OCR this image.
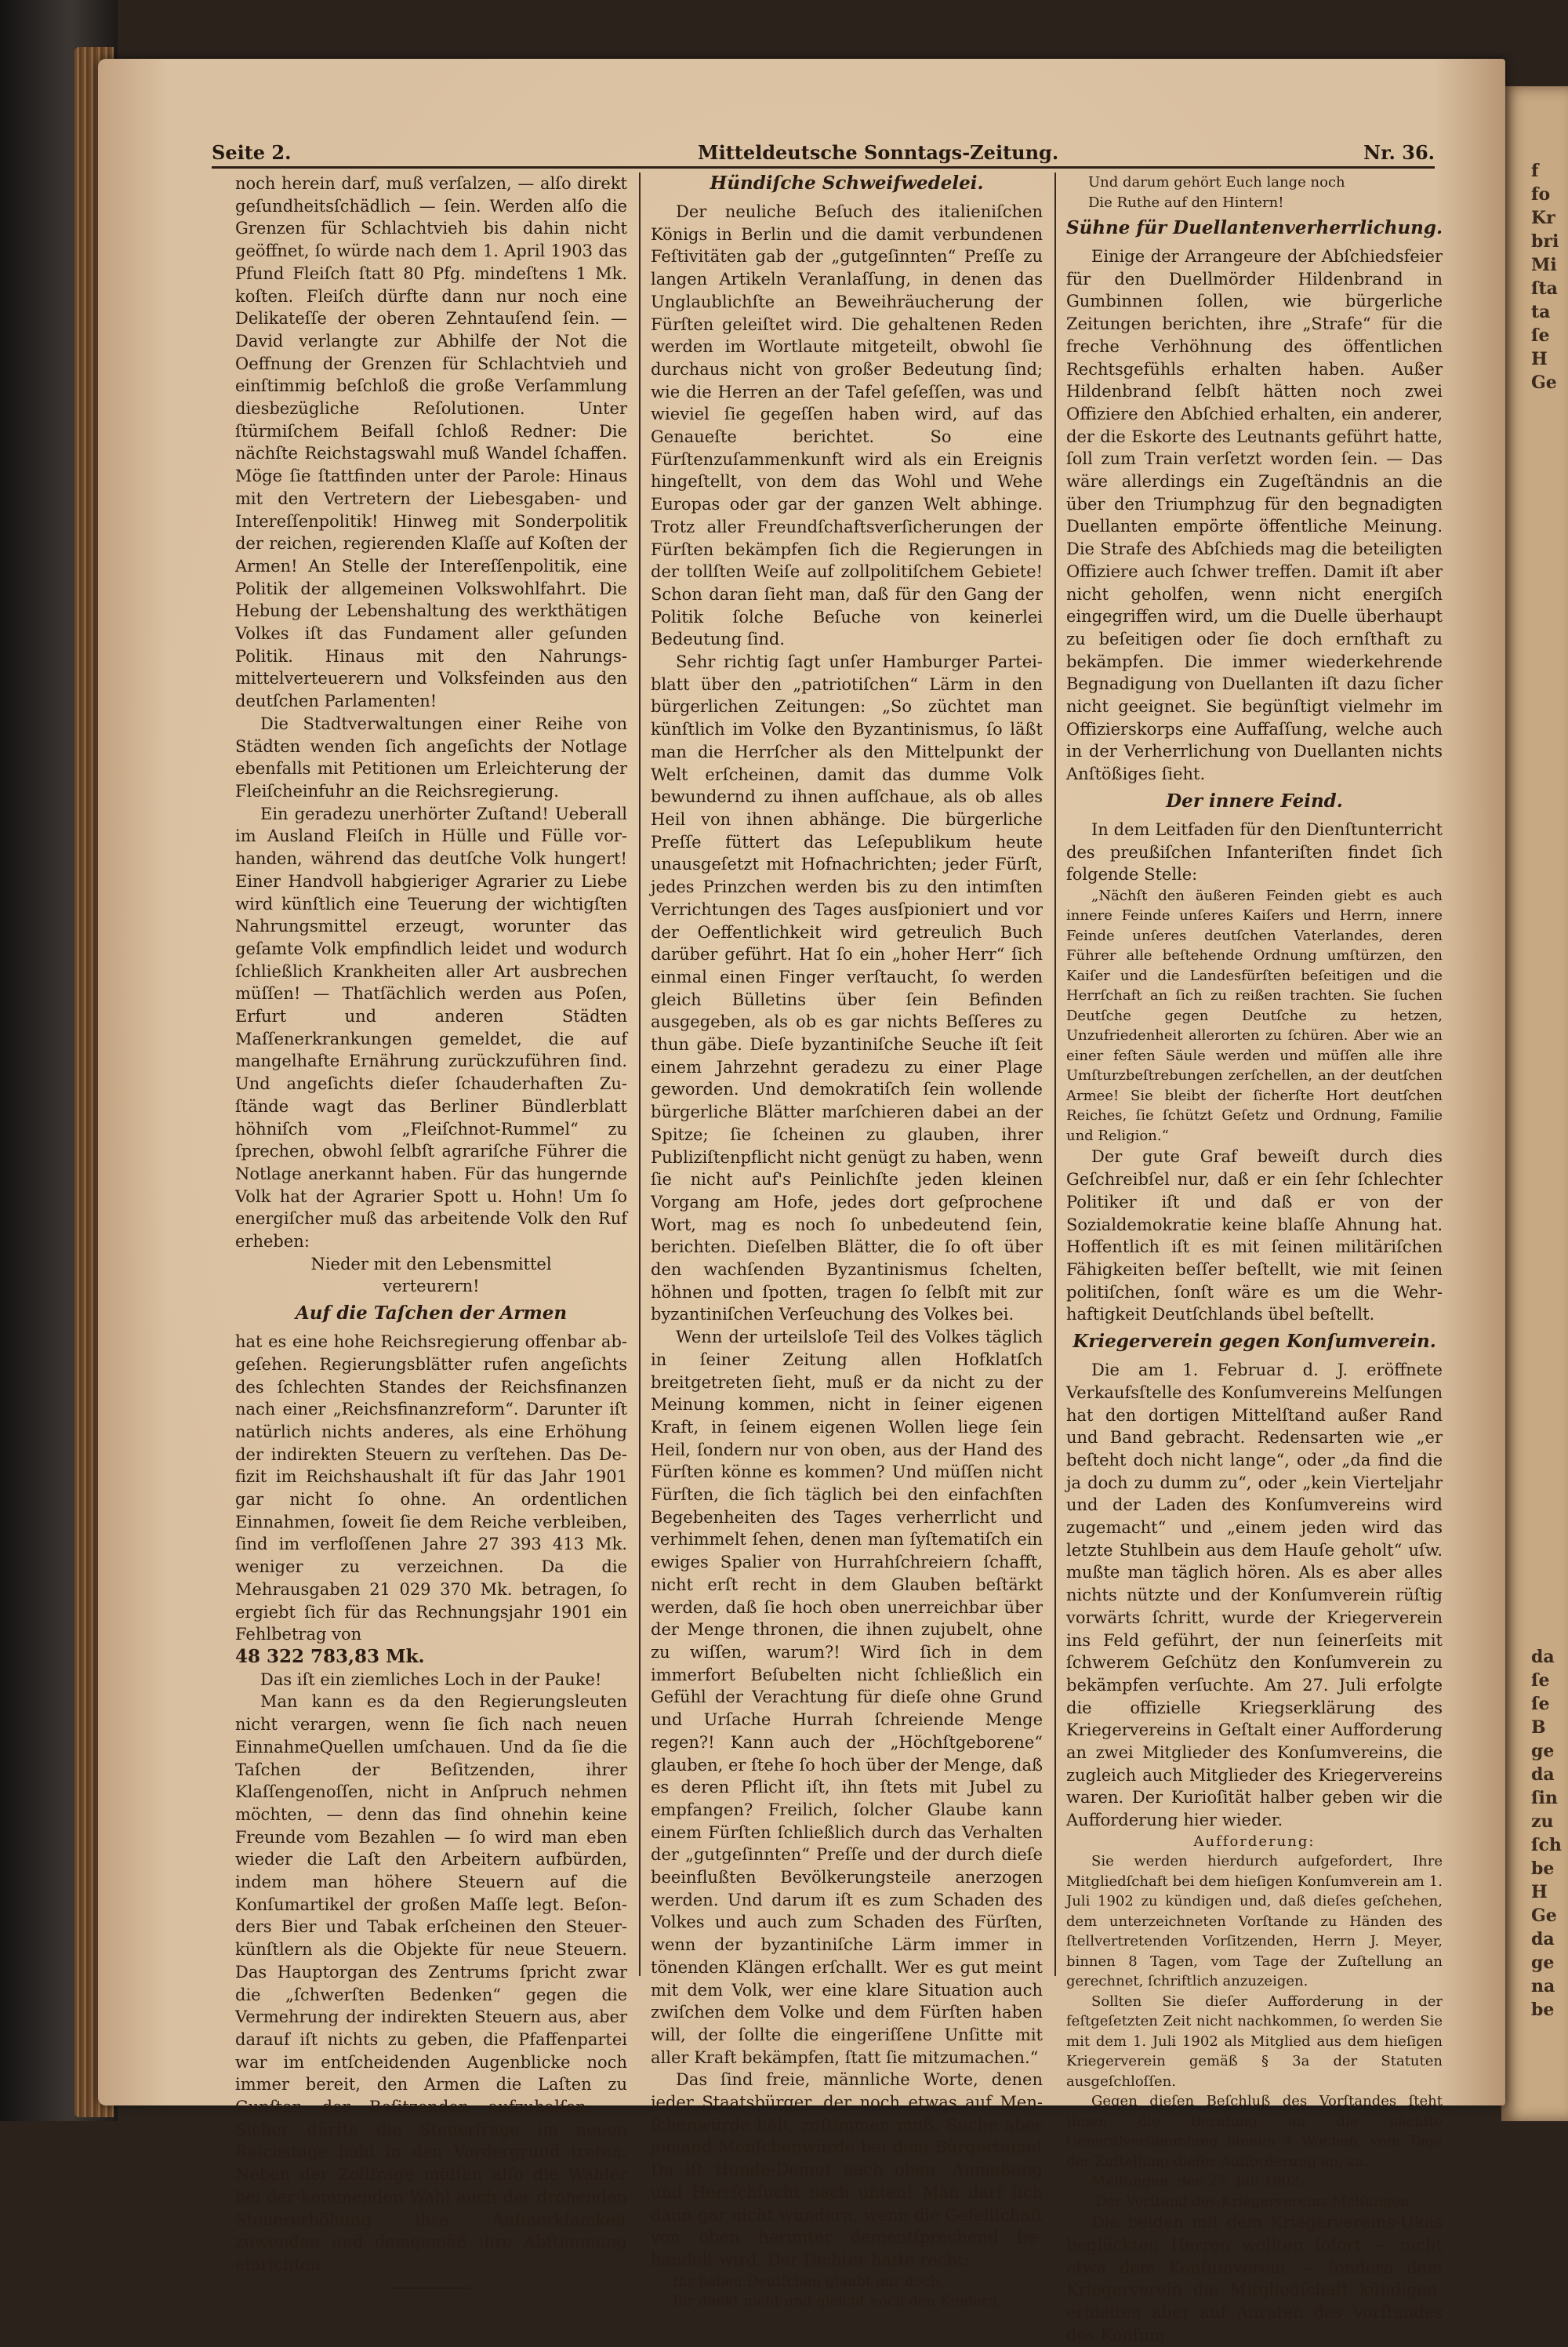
f
fo
Kr
bri
Mi
ſta
ta
ſe
H
Ge
da
ſe
ſe
B
ge
da
ſin
zu
ſch
be
H
Ge
da
ge
na
be
Seite 2.	Mitteldeutsche Sonntags-Zeitung.	Nr. 36.

noch herein darf, muß verſalzen, — alſo direkt geſundheitsſchädlich — ſein. Werden alſo die Grenzen für Schlachtvieh bis dahin nicht geöffnet, ſo würde nach dem 1. April 1903 das Pfund Fleiſch ſtatt 80 Pfg. mindeſtens 1 Mk. koſten. Fleiſch dürfte dann nur noch eine Delikateſſe der oberen Zehntauſend ſein. — David verlangte zur Abhilfe der Not die Oeffnung der Grenzen für Schlachtvieh und einſtimmig beſchloß die große Verſammlung diesbezügliche Reſolutionen. Unter ſtürmiſchem Beifall ſchloß Redner: Die nächſte Reichstagswahl muß Wandel ſchaffen. Möge ſie ſtattfinden unter der Parole: Hinaus mit den Vertretern der Liebesgaben- und Intereſſenpolitik! Hinweg mit Sonderpolitik der reichen, regierenden Klaſſe auf Koſten der Armen! An Stelle der Intereſſenpolitik, eine Politik der allgemeinen Volkswohlfahrt. Die Hebung der Lebenshaltung des werkthätigen Volkes iſt das Fundament aller geſunden Politik. Hinaus mit den Nahrungsmittelverteuerern und Volksfeinden aus den deutſchen Parlamenten!

Die Stadtverwaltungen einer Reihe von Städten wenden ſich angeſichts der Notlage ebenfalls mit Petitionen um Erleichterung der Fleiſcheinfuhr an die Reichsregierung.

Ein geradezu unerhörter Zuſtand! Ueberall im Ausland Fleiſch in Hülle und Fülle vorhanden, während das deutſche Volk hungert! Einer Handvoll habgieriger Agrarier zu Liebe wird künſtlich eine Teuerung der wichtigſten Nahrungsmittel erzeugt, worunter das geſamte Volk empfindlich leidet und wodurch ſchließlich Krankheiten aller Art ausbrechen müſſen! — Thatſächlich werden aus Poſen, Erfurt und anderen Städten Maſſenerkrankungen gemeldet, die auf mangelhafte Ernährung zurückzuführen ſind. Und angeſichts dieſer ſchauderhaften Zuſtände wagt das Berliner Bündlerblatt höhniſch vom „Fleiſchnot-Rummel“ zu ſprechen, obwohl ſelbſt agrariſche Führer die Notlage anerkannt haben. Für das hungernde Volk hat der Agrarier Spott u. Hohn! Um ſo energiſcher muß das arbeitende Volk den Ruf erheben:

Nieder mit den Lebensmittel

verteurern!

Auf die Taſchen der Armen

hat es eine hohe Reichsregierung offenbar abgeſehen. Regierungsblätter rufen angeſichts des ſchlechten Standes der Reichsfinanzen nach einer „Reichsfinanzreform“. Darunter iſt natürlich nichts anderes, als eine Erhöhung der indirekten Steuern zu verſtehen. Das Defizit im Reichshaushalt iſt für das Jahr 1901 gar nicht ſo ohne. An ordentlichen Einnahmen, ſoweit ſie dem Reiche verbleiben, ſind im verfloſſenen Jahre 27 393 413 Mk. weniger zu verzeichnen. Da die Mehrausgaben 21 029 370 Mk. betragen, ſo ergiebt ſich für das Rechnungsjahr 1901 ein Fehlbetrag von

48 322 783,83 Mk.

Das iſt ein ziemliches Loch in der Pauke!

Man kann es da den Regierungsleuten nicht verargen, wenn ſie ſich nach neuen EinnahmeQuellen umſchauen. Und da ſie die Taſchen der Beſitzenden, ihrer Klaſſengenoſſen, nicht in Anſpruch nehmen möchten, — denn das ſind ohnehin keine Freunde vom Bezahlen — ſo wird man eben wieder die Laſt den Arbeitern aufbürden, indem man höhere Steuern auf die Konſumartikel der großen Maſſe legt. Beſonders Bier und Tabak erſcheinen den Steuerkünſtlern als die Objekte für neue Steuern. Das Hauptorgan des Zentrums ſpricht zwar die „ſchwerſten Bedenken“ gegen die Vermehrung der indirekten Steuern aus, aber darauf iſt nichts zu geben, die Pfaffenpartei war im entſcheidenden Augenblicke noch immer bereit, den Armen die Laſten zu Gunſten der Beſitzenden aufzuhalſen. — Sicher dürfte die Steuerfrage im neuen Reichstage bald in den Vordergrund treten. Neben der Zollfrage müſſen alſo die Wähler bei der kommenden Wahl auch der drohenden Steuererhöhung ihre Aufmerkſamkeit zuwenden und demgemäß ihre Abſtimmung einrichten.

Hündiſche Schweifwedelei.

Der neuliche Beſuch des italieniſchen Königs in Berlin und die damit verbundenen Feſtivitäten gab der „gutgeſinnten“ Preſſe zu langen Artikeln Veranlaſſung, in denen das Unglaublichſte an Beweihräucherung der Fürſten geleiſtet wird. Die gehaltenen Reden werden im Wortlaute mitgeteilt, obwohl ſie durchaus nicht von großer Bedeutung ſind; wie die Herren an der Tafel geſeſſen, was und wieviel ſie gegeſſen haben wird, auf das Genaueſte berichtet. So eine Fürſtenzuſammenkunft wird als ein Ereignis hingeſtellt, von dem das Wohl und Wehe Europas oder gar der ganzen Welt abhinge. Trotz aller Freundſchaftsverſicherungen der Fürſten bekämpfen ſich die Regierungen in der tollſten Weiſe auf zollpolitiſchem Gebiete! Schon daran ſieht man, daß für den Gang der Politik ſolche Beſuche von keinerlei Bedeutung ſind.

Sehr richtig ſagt unſer Hamburger Parteiblatt über den „patriotiſchen“ Lärm in den bürgerlichen Zeitungen: „So züchtet man künſtlich im Volke den Byzantinismus, ſo läßt man die Herrſcher als den Mittelpunkt der Welt erſcheinen, damit das dumme Volk bewundernd zu ihnen aufſchaue, als ob alles Heil von ihnen abhänge. Die bürgerliche Preſſe füttert das Leſepublikum heute unausgeſetzt mit Hofnachrichten; jeder Fürſt, jedes Prinzchen werden bis zu den intimſten Verrichtungen des Tages ausſpioniert und vor der Oeffentlichkeit wird getreulich Buch darüber geführt. Hat ſo ein „hoher Herr“ ſich einmal einen Finger verſtaucht, ſo werden gleich Bülletins über ſein Befinden ausgegeben, als ob es gar nichts Beſſeres zu thun gäbe. Dieſe byzantiniſche Seuche iſt ſeit einem Jahrzehnt geradezu zu einer Plage geworden. Und demokratiſch ſein wollende bürgerliche Blätter marſchieren dabei an der Spitze; ſie ſcheinen zu glauben, ihrer Publiziſtenpflicht nicht genügt zu haben, wenn ſie nicht auf's Peinlichſte jeden kleinen Vorgang am Hofe, jedes dort geſprochene Wort, mag es noch ſo unbedeutend ſein, berichten. Dieſelben Blätter, die ſo oft über den wachſenden Byzantinismus ſchelten, höhnen und ſpotten, tragen ſo ſelbſt mit zur byzantiniſchen Verſeuchung des Volkes bei.

Wenn der urteilsloſe Teil des Volkes täglich in ſeiner Zeitung allen Hofklatſch breitgetreten ſieht, muß er da nicht zu der Meinung kommen, nicht in ſeiner eigenen Kraft, in ſeinem eigenen Wollen liege ſein Heil, ſondern nur von oben, aus der Hand des Fürſten könne es kommen? Und müſſen nicht Fürſten, die ſich täglich bei den einfachſten Begebenheiten des Tages verherrlicht und verhimmelt ſehen, denen man ſyſtematiſch ein ewiges Spalier von Hurrahſchreiern ſchafft, nicht erſt recht in dem Glauben beſtärkt werden, daß ſie hoch oben unerreichbar über der Menge thronen, die ihnen zujubelt, ohne zu wiſſen, warum?! Wird ſich in dem immerfort Beſubelten nicht ſchließlich ein Gefühl der Verachtung für dieſe ohne Grund und Urſache Hurrah ſchreiende Menge regen?! Kann auch der „Höchſtgeborene“ glauben, er ſtehe ſo hoch über der Menge, daß es deren Pflicht iſt, ihn ſtets mit Jubel zu empfangen? Freilich, ſolcher Glaube kann einem Fürſten ſchließlich durch das Verhalten der „gutgeſinnten“ Preſſe und der durch dieſe beeinflußten Bevölkerungsteile anerzogen werden. Und darum iſt es zum Schaden des Volkes und auch zum Schaden des Fürſten, wenn der byzantiniſche Lärm immer in tönenden Klängen erſchallt. Wer es gut meint mit dem Volk, wer eine klare Situation auch zwiſchen dem Volke und dem Fürſten haben will, der ſollte die eingeriſſene Unſitte mit aller Kraft bekämpfen, ſtatt ſie mitzumachen.“

Das ſind freie, männliche Worte, denen jeder Staatsbürger, der noch etwas auf Menſchenwürde hält, zuſtimmen muß. Suche aber jemand Menſchenwürde bei dem Bürgertume! Da iſt Hunde-Demut nach oben, Anmaßung und Herrſchſucht nach unten! Man darf ſich dann gar nicht wundern, wenn die Geſellſchaft von oben herunter dementſprechend behandelt wird. Der Dichter hatte recht:

Ihr lieben Deutſchen glaubt mir doch,

Ihr denkt nicht und gleicht noch den Kindern,

Und darum gehört Euch lange noch

Die Ruthe auf den Hintern!

Sühne für Duellantenverherrlichung.

Einige der Arrangeure der Abſchiedsfeier für den Duellmörder Hildenbrand in Gumbinnen ſollen, wie bürgerliche Zeitungen berichten, ihre „Strafe“ für die freche Verhöhnung des öffentlichen Rechtsgefühls erhalten haben. Außer Hildenbrand ſelbſt hätten noch zwei Offiziere den Abſchied erhalten, ein anderer, der die Eskorte des Leutnants geführt hatte, ſoll zum Train verſetzt worden ſein. — Das wäre allerdings ein Zugeſtändnis an die über den Triumphzug für den begnadigten Duellanten empörte öffentliche Meinung. Die Strafe des Abſchieds mag die beteiligten Offiziere auch ſchwer treffen. Damit iſt aber nicht geholfen, wenn nicht energiſch eingegriffen wird, um die Duelle überhaupt zu beſeitigen oder ſie doch ernſthaft zu bekämpfen. Die immer wiederkehrende Begnadigung von Duellanten iſt dazu ſicher nicht geeignet. Sie begünſtigt vielmehr im Offizierskorps eine Auffaſſung, welche auch in der Verherrlichung von Duellanten nichts Anſtößiges ſieht.

Der innere Feind.

In dem Leitfaden für den Dienſtunterricht des preußiſchen Infanteriſten findet ſich folgende Stelle:

„Nächſt den äußeren Feinden giebt es auch innere Feinde unſeres Kaiſers und Herrn, innere Feinde unſeres deutſchen Vaterlandes, deren Führer alle beſtehende Ordnung umſtürzen, den Kaiſer und die Landesfürſten beſeitigen und die Herrſchaft an ſich zu reißen trachten. Sie ſuchen Deutſche gegen Deutſche zu hetzen, Unzufriedenheit allerorten zu ſchüren. Aber wie an einer feſten Säule werden und müſſen alle ihre Umſturzbeſtrebungen zerſchellen, an der deutſchen Armee! Sie bleibt der ſicherſte Hort deutſchen Reiches, ſie ſchützt Geſetz und Ordnung, Familie und Religion.“

Der gute Graf beweiſt durch dies Geſchreibſel nur, daß er ein ſehr ſchlechter Politiker iſt und daß er von der Sozialdemokratie keine blaſſe Ahnung hat. Hoffentlich iſt es mit ſeinen militäriſchen Fähigkeiten beſſer beſtellt, wie mit ſeinen politiſchen, ſonſt wäre es um die Wehrhaftigkeit Deutſchlands übel beſtellt.

Kriegerverein gegen Konſumverein.

Die am 1. Februar d. J. eröffnete Verkaufsſtelle des Konſumvereins Melſungen hat den dortigen Mittelſtand außer Rand und Band gebracht. Redensarten wie „er beſteht doch nicht lange“, oder „da find die ja doch zu dumm zu“, oder „kein Vierteljahr und der Laden des Konſumvereins wird zugemacht“ und „einem jeden wird das letzte Stuhlbein aus dem Hauſe geholt“ uſw. mußte man täglich hören. Als es aber alles nichts nützte und der Konſumverein rüſtig vorwärts ſchritt, wurde der Kriegerverein ins Feld geführt, der nun ſeinerſeits mit ſchwerem Geſchütz den Konſumverein zu bekämpfen verſuchte. Am 27. Juli erfolgte die offizielle Kriegserklärung des Kriegervereins in Geſtalt einer Aufforderung an zwei Mitglieder des Konſumvereins, die zugleich auch Mitglieder des Kriegervereins waren. Der Kurioſität halber geben wir die Aufforderung hier wieder.

Aufforderung:

Sie werden hierdurch aufgefordert, Ihre Mitgliedſchaft bei dem hieſigen Konſumverein am 1. Juli 1902 zu kündigen und, daß dieſes geſchehen, dem unterzeichneten Vorſtande zu Händen des ſtellvertretenden Vorſitzenden, Herrn J. Meyer, binnen 8 Tagen, vom Tage der Zuſtellung an gerechnet, ſchriftlich anzuzeigen.

Sollten Sie dieſer Aufforderung in der feſtgeſetzten Zeit nicht nachkommen, ſo werden Sie mit dem 1. Juli 1902 als Mitglied aus dem hieſigen Kriegerverein gemäß § 3a der Statuten ausgeſchloſſen.

Gegen dieſen Beſchluß des Vorſtandes ſteht Ihnen die Berufung an die nächſte Generalverſammlung binnen 4 Wochen, vom Tage der Zuſtellung dieſer Aufforderung an, zu.

Melſungen, den 27. Juli 1902.

Der Vorſtand des Kriegervereins Melſungen.

Die beiden mit dem Kriegervereins-Ukas beglückten Herren wollten ſofort — nicht etwa dem Konſumverein — ſondern dem Kriegerverein die Mitgliedſchaft kündigen, erhielten aber auf Anraten des Vorſtandes des Konſum
